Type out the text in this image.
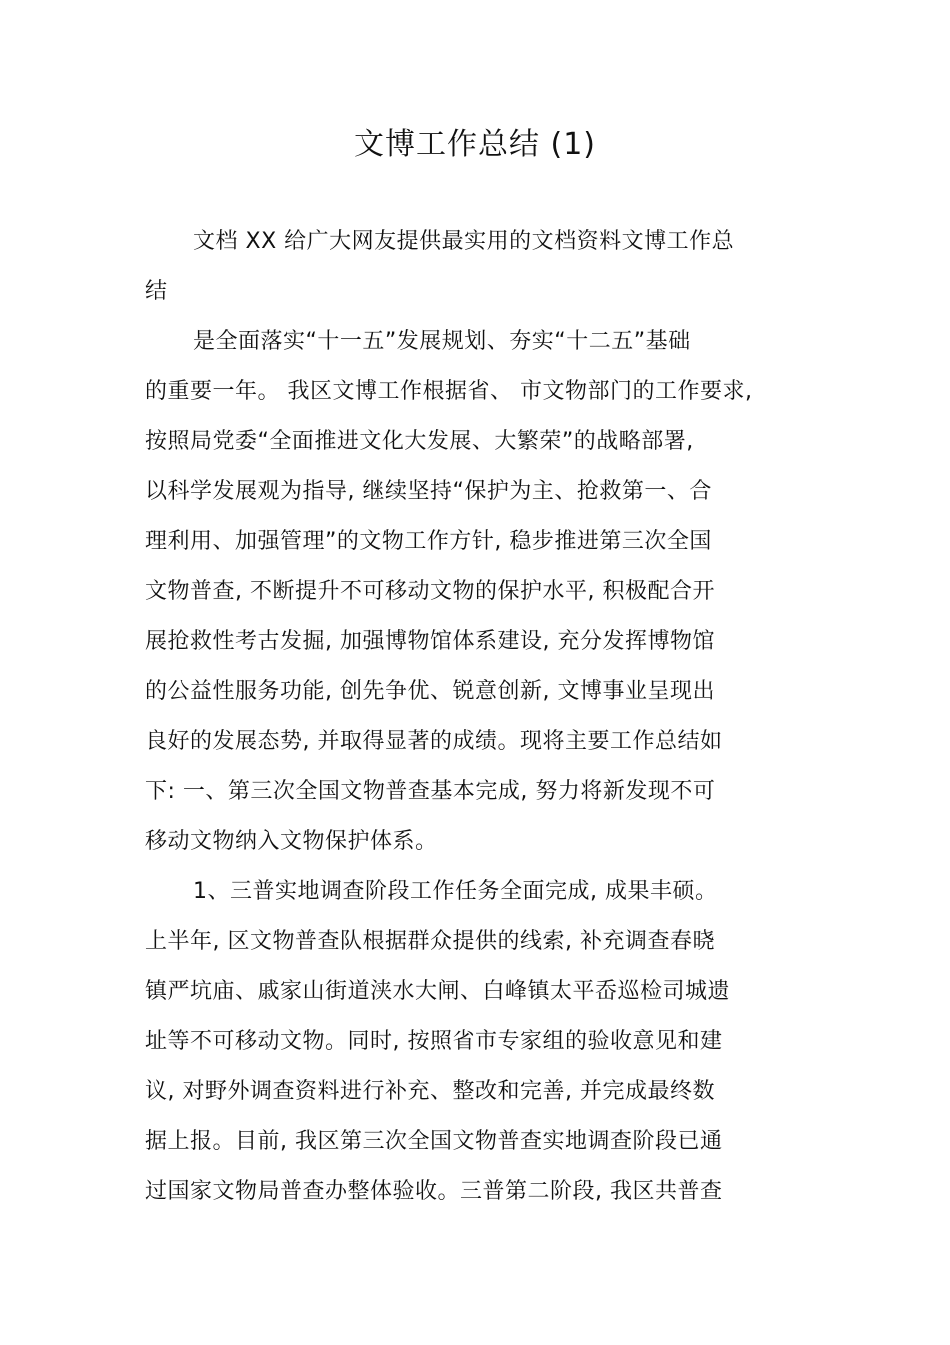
文博工作总结 (1)

文档 XX 给广大网友提供最实用的文档资料文博工作总

结

是全面落实“十一五”发展规划、夯实“十二五”基础

的重要一年。 我区文博工作根据省、 市文物部门的工作要求,

按照局党委“全面推进文化大发展、大繁荣”的战略部署,

以科学发展观为指导, 继续坚持“保护为主、抢救第一、合

理利用、加强管理”的文物工作方针, 稳步推进第三次全国

文物普查, 不断提升不可移动文物的保护水平, 积极配合开

展抢救性考古发掘, 加强博物馆体系建设, 充分发挥博物馆

的公益性服务功能, 创先争优、锐意创新, 文博事业呈现出

良好的发展态势, 并取得显著的成绩。现将主要工作总结如

下: 一、第三次全国文物普查基本完成, 努力将新发现不可

移动文物纳入文物保护体系。

1、三普实地调查阶段工作任务全面完成, 成果丰硕。

上半年, 区文物普查队根据群众提供的线索, 补充调查春晓

镇严坑庙、戚家山街道浃水大闸、白峰镇太平岙巡检司城遗

址等不可移动文物。同时, 按照省市专家组的验收意见和建

议, 对野外调查资料进行补充、整改和完善, 并完成最终数

据上报。目前, 我区第三次全国文物普查实地调查阶段已通

过国家文物局普查办整体验收。三普第二阶段, 我区共普查
